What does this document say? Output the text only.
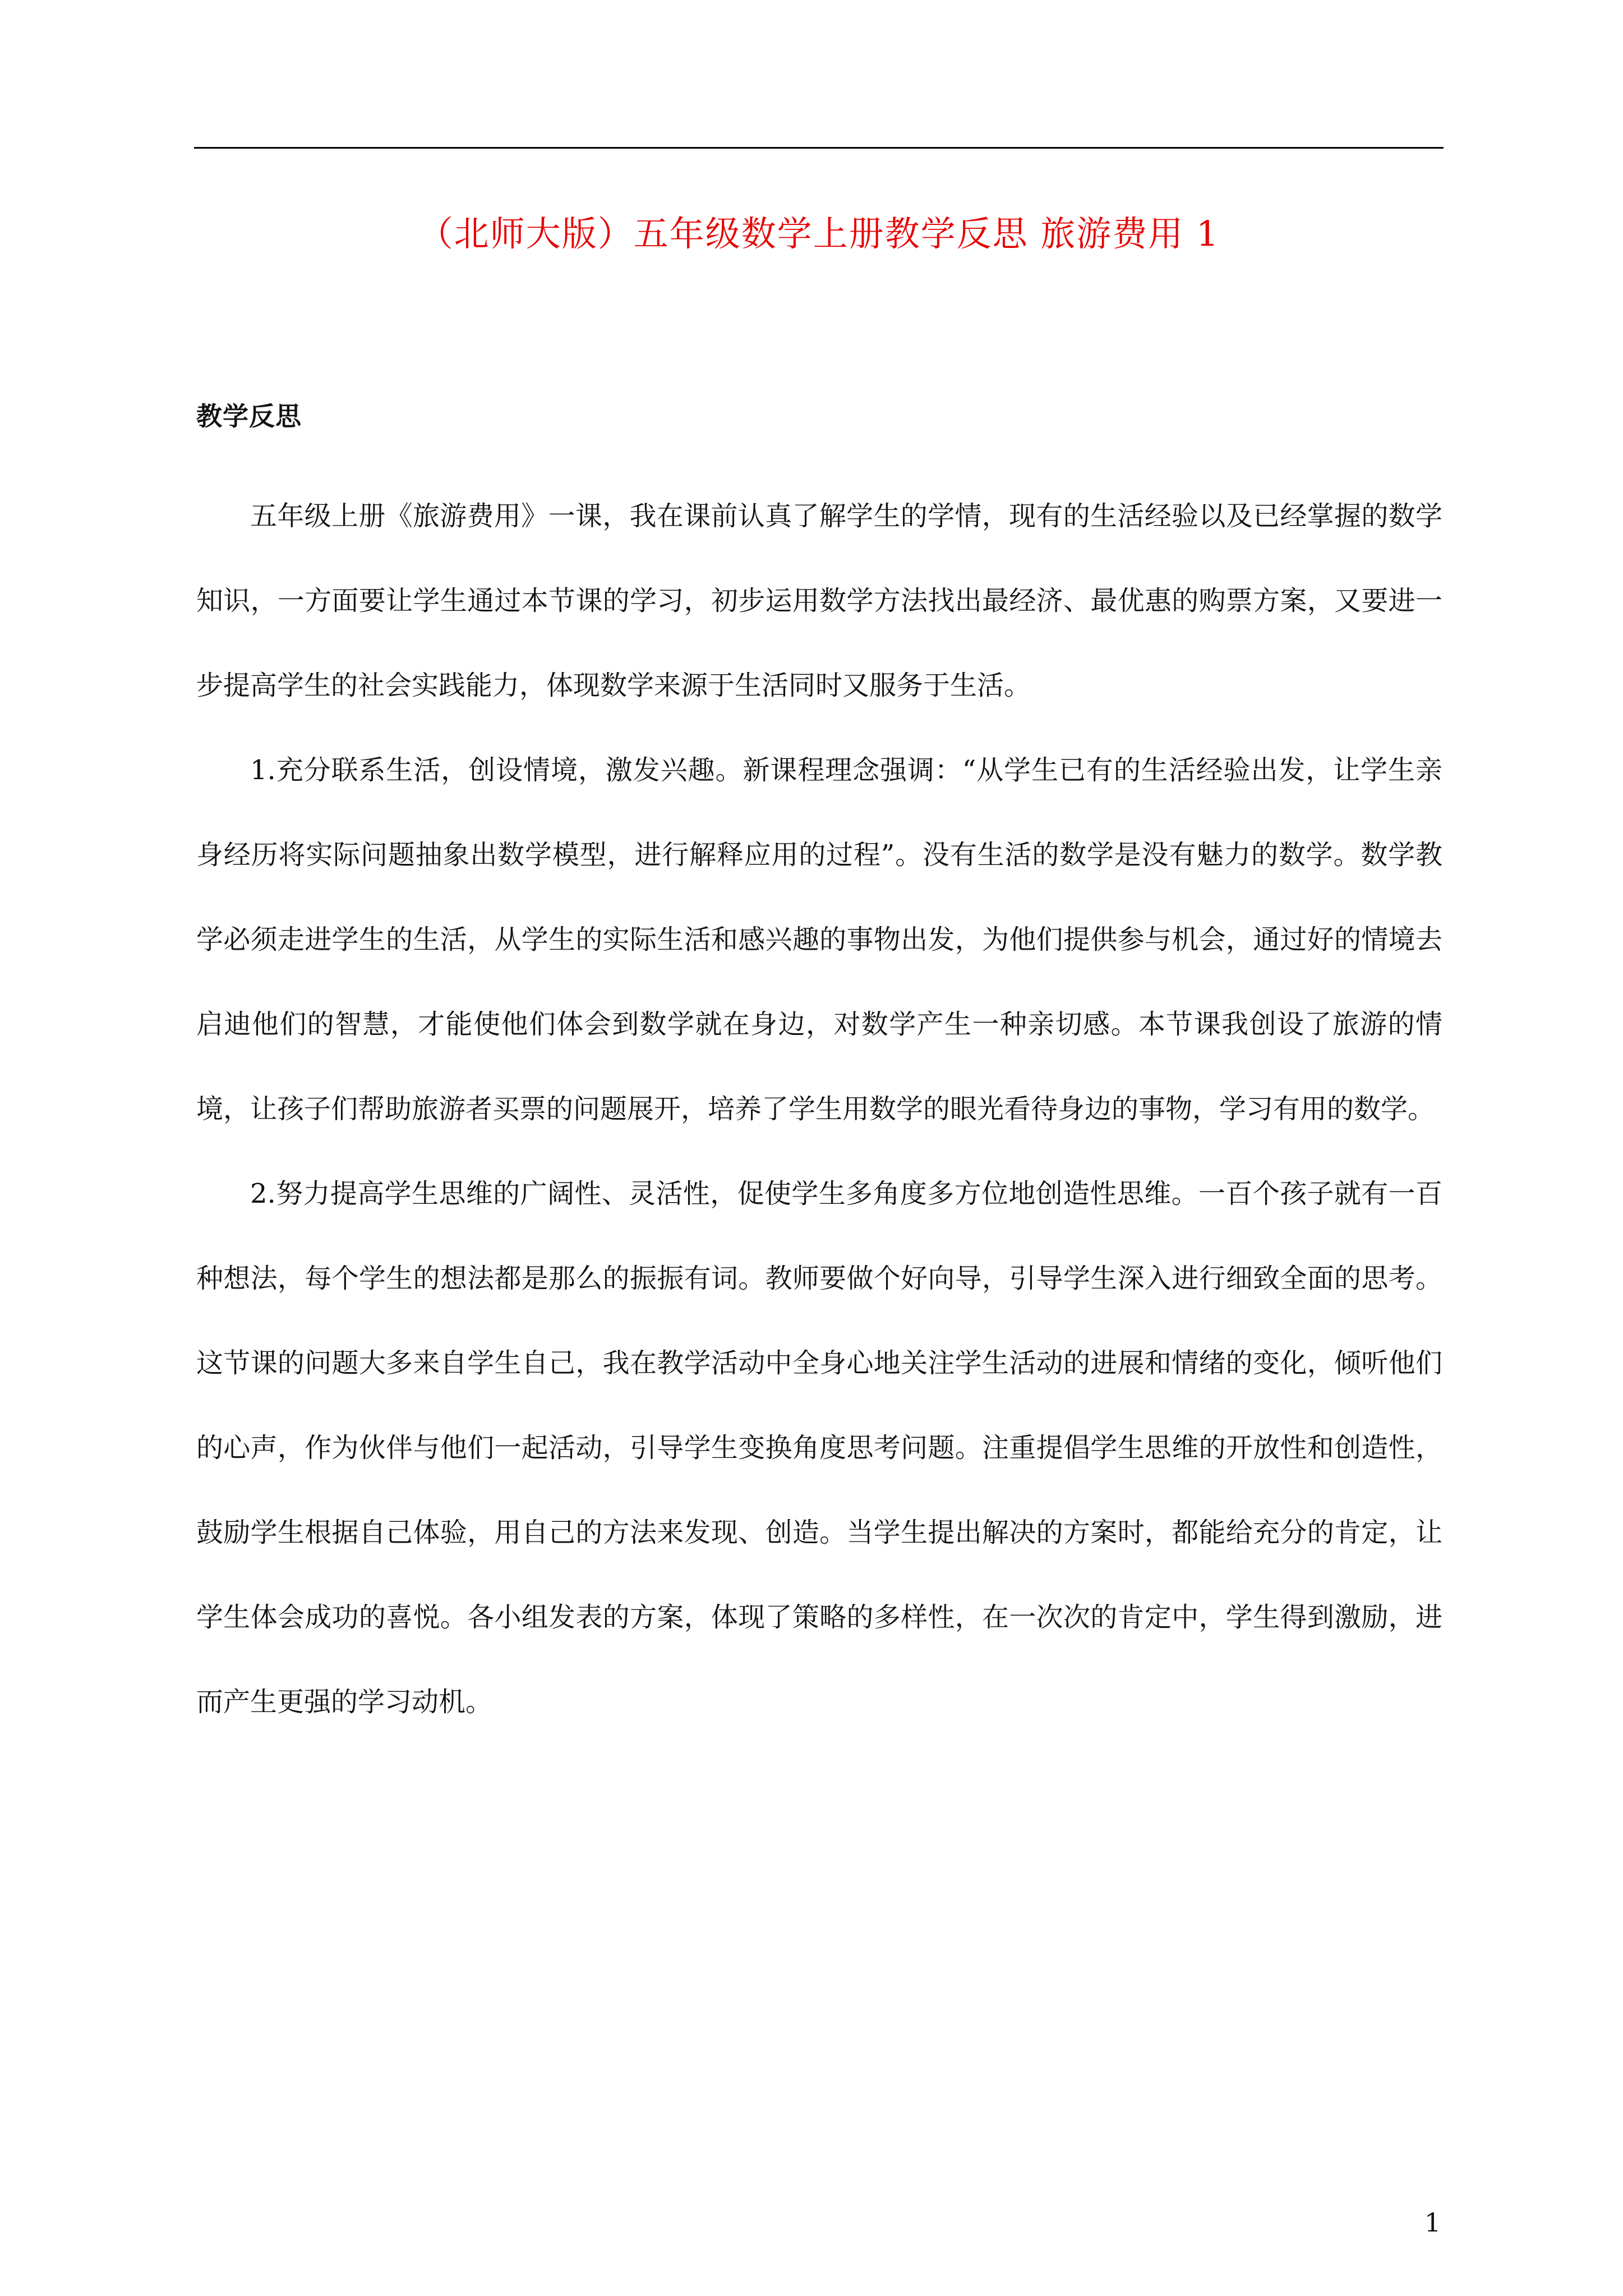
（北师大版）五年级数学上册教学反思 旅游费用 1
教学反思

五年级上册《旅游费用》一课，我在课前认真了解学生的学情，现有的生活经验以及已经掌握的数学知识，一方面要让学生通过本节课的学习，初步运用数学方法找出最经济、最优惠的购票方案，又要进一步提高学生的社会实践能力，体现数学来源于生活同时又服务于生活。

1.充分联系生活，创设情境，激发兴趣。新课程理念强调：“从学生已有的生活经验出发，让学生亲身经历将实际问题抽象出数学模型，进行解释应用的过程”。没有生活的数学是没有魅力的数学。数学教学必须走进学生的生活，从学生的实际生活和感兴趣的事物出发，为他们提供参与机会，通过好的情境去启迪他们的智慧，才能使他们体会到数学就在身边，对数学产生一种亲切感。本节课我创设了旅游的情境，让孩子们帮助旅游者买票的问题展开，培养了学生用数学的眼光看待身边的事物，学习有用的数学。

2.努力提高学生思维的广阔性、灵活性，促使学生多角度多方位地创造性思维。一百个孩子就有一百种想法，每个学生的想法都是那么的振振有词。教师要做个好向导，引导学生深入进行细致全面的思考。这节课的问题大多来自学生自己，我在教学活动中全身心地关注学生活动的进展和情绪的变化，倾听他们的心声，作为伙伴与他们一起活动，引导学生变换角度思考问题。注重提倡学生思维的开放性和创造性，鼓励学生根据自己体验，用自己的方法来发现、创造。当学生提出解决的方案时，都能给充分的肯定，让学生体会成功的喜悦。各小组发表的方案，体现了策略的多样性，在一次次的肯定中，学生得到激励，进而产生更强的学习动机。

1
